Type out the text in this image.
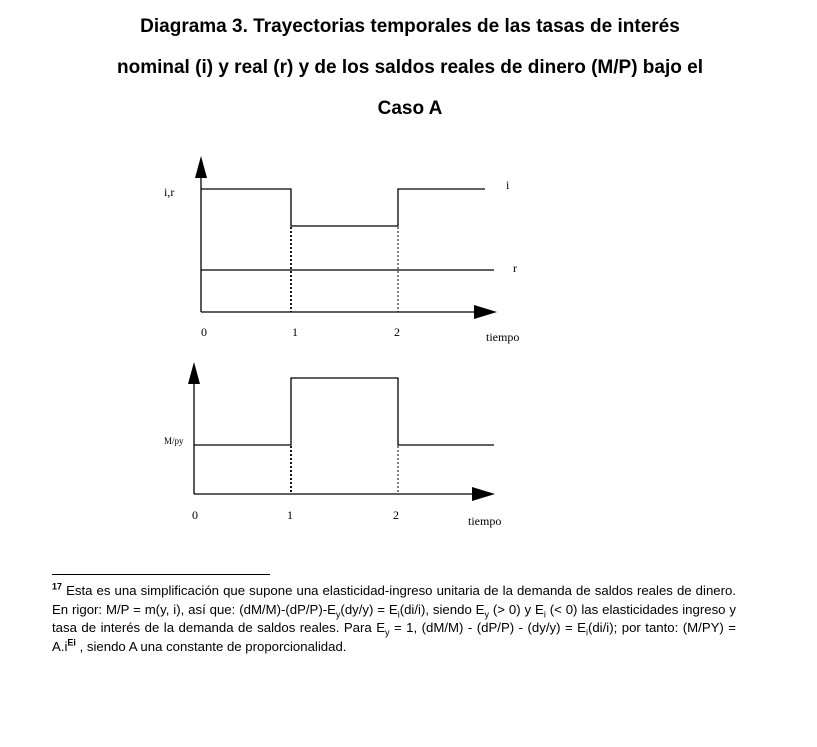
Diagrama 3. Trayectorias temporales de las tasas de interés
nominal (i) y real (r) y de los saldos reales de dinero (M/P) bajo el
Caso A
i,r	i
r
0	1	2	tiempo
M/py
0	1	2	tiempo

$^{17}$ Esta es una simplificación que supone una elasticidad-ingreso unitaria de la demanda de saldos reales de dinero. En rigor: M/P = m(y, i), así que: $(dM/M)-(dP/P)-E_y(dy/y) = E_i(di/i)$, siendo $E_y$ (> 0) y $E_i$ (< 0) las elasticidades ingreso y tasa de interés de la demanda de saldos reales. Para $E_y = 1$, $(dM/M) - (dP/P) - (dy/y) = E_i(di/i)$; por tanto: $(M/PY) = A.i^{Ei}$ , siendo A una constante de proporcionalidad.
